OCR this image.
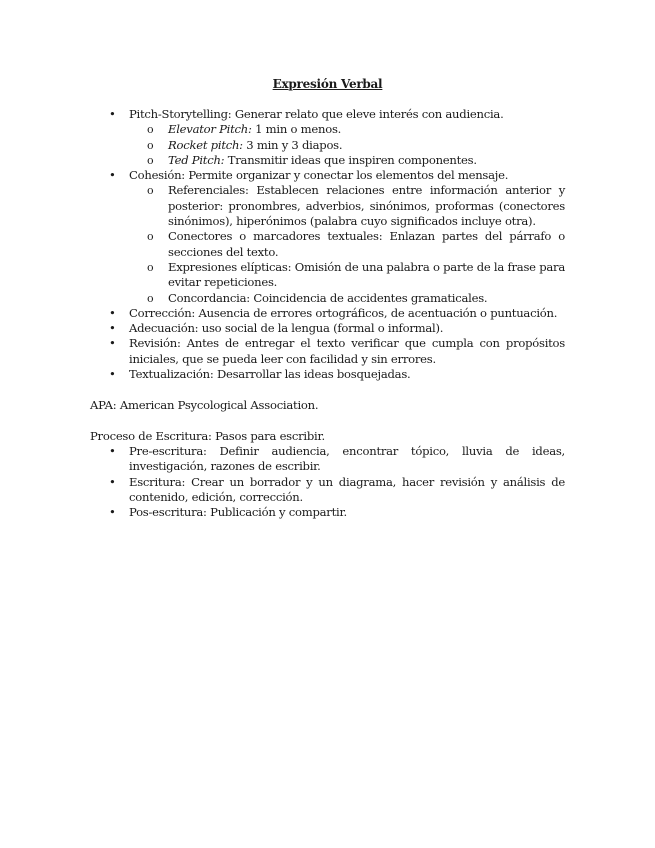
Expresión Verbal
• Pitch-Storytelling: Generar relato que eleve interés con audiencia.
o Elevator Pitch: 1 min o menos.
o Rocket pitch: 3 min y 3 diapos.
o Ted Pitch: Transmitir ideas que inspiren componentes.
• Cohesión: Permite organizar y conectar los elementos del mensaje.
o Referenciales: Establecen relaciones entre información anterior y posterior: pronombres, adverbios, sinónimos, proformas (conectores sinónimos), hiperónimos (palabra cuyo significados incluye otra).
o Conectores o marcadores textuales: Enlazan partes del párrafo o secciones del texto.
o Expresiones elípticas: Omisión de una palabra o parte de la frase para evitar repeticiones.
o Concordancia: Coincidencia de accidentes gramaticales.
• Corrección: Ausencia de errores ortográficos, de acentuación o puntuación.
• Adecuación: uso social de la lengua (formal o informal).
• Revisión: Antes de entregar el texto verificar que cumpla con propósitos iniciales, que se pueda leer con facilidad y sin errores.
• Textualización: Desarrollar las ideas bosquejadas.
APA: American Psycological Association.
Proceso de Escritura: Pasos para escribir.
• Pre-escritura: Definir audiencia, encontrar tópico, lluvia de ideas, investigación, razones de escribir.
• Escritura: Crear un borrador y un diagrama, hacer revisión y análisis de contenido, edición, corrección.
• Pos-escritura: Publicación y compartir.
